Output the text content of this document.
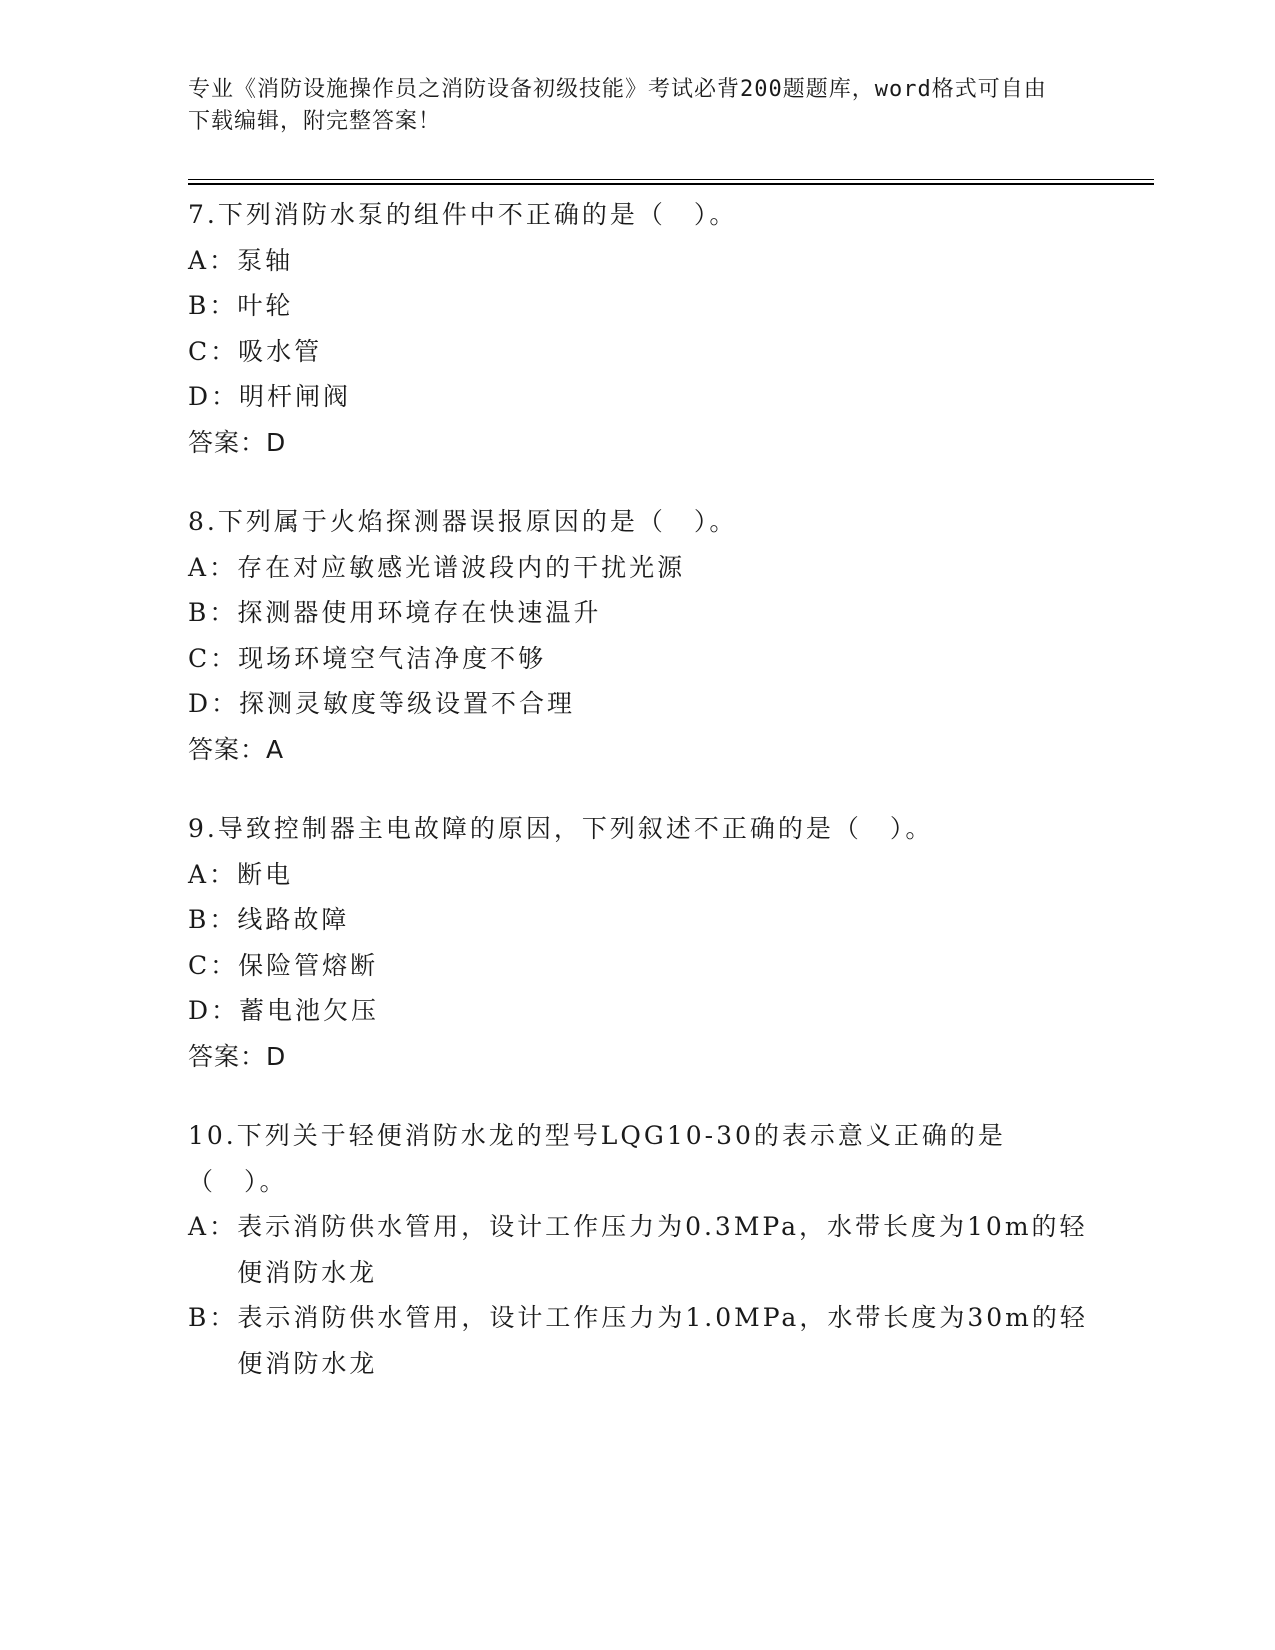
专业《消防设施操作员之消防设备初级技能》考试必背200题题库，word格式可自由下载编辑，附完整答案！
7.下列消防水泵的组件中不正确的是（　）。
A： 泵轴
B： 叶轮
C： 吸水管
D： 明杆闸阀
答案：D
8.下列属于火焰探测器误报原因的是（　）。
A： 存在对应敏感光谱波段内的干扰光源
B： 探测器使用环境存在快速温升
C： 现场环境空气洁净度不够
D： 探测灵敏度等级设置不合理
答案：A
9.导致控制器主电故障的原因，下列叙述不正确的是（　）。
A： 断电
B： 线路故障
C： 保险管熔断
D： 蓄电池欠压
答案：D
10.下列关于轻便消防水龙的型号LQG10-30的表示意义正确的是（　）。
A： 表示消防供水管用，设计工作压力为0.3MPa，水带长度为10m的轻便消防水龙
B： 表示消防供水管用，设计工作压力为1.0MPa，水带长度为30m的轻便消防水龙
